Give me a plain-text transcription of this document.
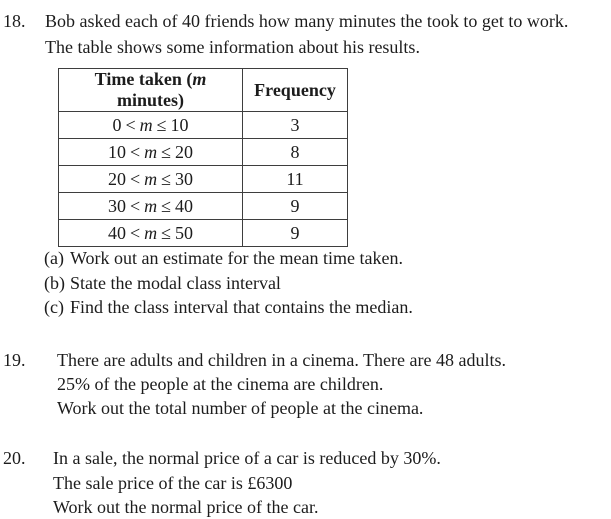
18. Bob asked each of 40 friends how many minutes the took to get to work.
The table shows some information about his results.
Time taken (m minutes)	Frequency
0 < m ≤ 10	3
10 < m ≤ 20	8
20 < m ≤ 30	11
30 < m ≤ 40	9
40 < m ≤ 50	9
(a) Work out an estimate for the mean time taken.
(b) State the modal class interval
(c) Find the class interval that contains the median.
19. There are adults and children in a cinema. There are 48 adults.
25% of the people at the cinema are children.
Work out the total number of people at the cinema.
20. In a sale, the normal price of a car is reduced by 30%.
The sale price of the car is £6300
Work out the normal price of the car.
